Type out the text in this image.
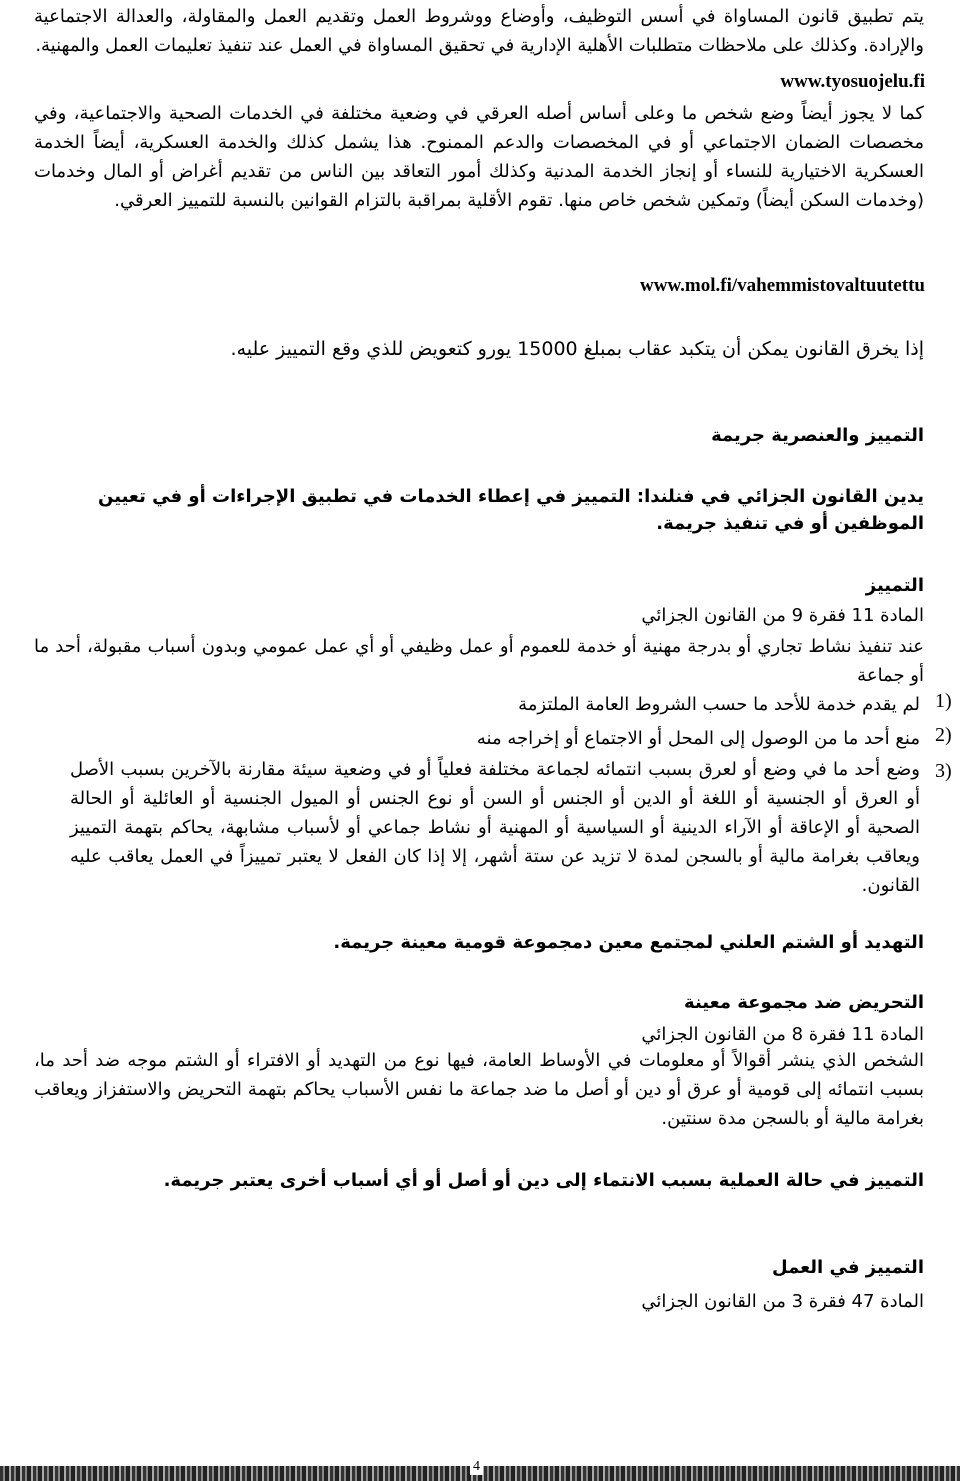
يتم تطبيق قانون المساواة في أسس التوظيف، وأوضاع ووشروط العمل وتقديم العمل والمقاولة، والعدالة الاجتماعية والإرادة. وكذلك على ملاحظات متطلبات الأهلية الإدارية في تحقيق المساواة في العمل عند تنفيذ تعليمات العمل والمهنية.
www.tyosuojelu.fi
كما لا يجوز أيضاً وضع شخص ما وعلى أساس أصله العرقي في وضعية مختلفة في الخدمات الصحية والاجتماعية، وفي مخصصات الضمان الاجتماعي أو في المخصصات والدعم الممنوح. هذا يشمل كذلك والخدمة العسكرية، أيضاً الخدمة العسكرية الاختيارية للنساء أو إنجاز الخدمة المدنية وكذلك أمور التعاقد بين الناس من تقديم أغراض أو المال وخدمات (وخدمات السكن أيضاً) وتمكين شخص خاص منها. تقوم الأقلية بمراقبة بالتزام القوانين بالنسبة للتمييز العرقي.
www.mol.fi/vahemmistovaltuutettu
إذا يخرق القانون يمكن أن يتكبد عقاب بمبلغ 15000 يورو كتعويض للذي وقع التمييز عليه.
التمييز والعنصرية جريمة
يدين القانون الجزائي في فنلندا: التمييز في إعطاء الخدمات في تطبيق الإجراءات أو في تعيين الموظفين أو في تنفيذ جريمة.
التمييز
المادة 11 فقرة 9 من القانون الجزائي
عند تنفيذ نشاط تجاري أو بدرجة مهنية أو خدمة للعموم أو عمل وظيفي أو أي عمل عمومي وبدون أسباب مقبولة، أحد ما أو جماعة
(1
لم يقدم خدمة للأحد ما حسب الشروط العامة الملتزمة
(2
منع أحد ما من الوصول إلى المحل أو الاجتماع أو إخراجه منه
(3
وضع أحد ما في وضع أو لعرق بسبب انتمائه لجماعة مختلفة فعلياً أو في وضعية سيئة مقارنة بالآخرين بسبب الأصل أو العرق أو الجنسية أو اللغة أو الدين أو الجنس أو السن أو نوع الجنس أو الميول الجنسية أو العائلية أو الحالة الصحية أو الإعاقة أو الآراء الدينية أو السياسية أو المهنية أو نشاط جماعي أو لأسباب مشابهة، يحاكم بتهمة التمييز ويعاقب بغرامة مالية أو بالسجن لمدة لا تزيد عن ستة أشهر، إلا إذا كان الفعل لا يعتبر تمييزاً في العمل يعاقب عليه القانون.
التهديد أو الشتم العلني لمجتمع معين دمجموعة قومية معينة جريمة.
التحريض ضد مجموعة معينة
المادة 11 فقرة 8 من القانون الجزائي
الشخص الذي ينشر أقوالاً أو معلومات في الأوساط العامة، فيها نوع من التهديد أو الافتراء أو الشتم موجه ضد أحد ما، بسبب انتمائه إلى قومية أو عرق أو دين أو أصل ما ضد جماعة ما نفس الأسباب يحاكم بتهمة التحريض والاستفزاز ويعاقب بغرامة مالية أو بالسجن مدة سنتين.
التمييز في حالة العملية بسبب الانتماء إلى دين أو أصل أو أي أسباب أخرى يعتبر جريمة.
التمييز في العمل
المادة 47 فقرة 3 من القانون الجزائي
4
